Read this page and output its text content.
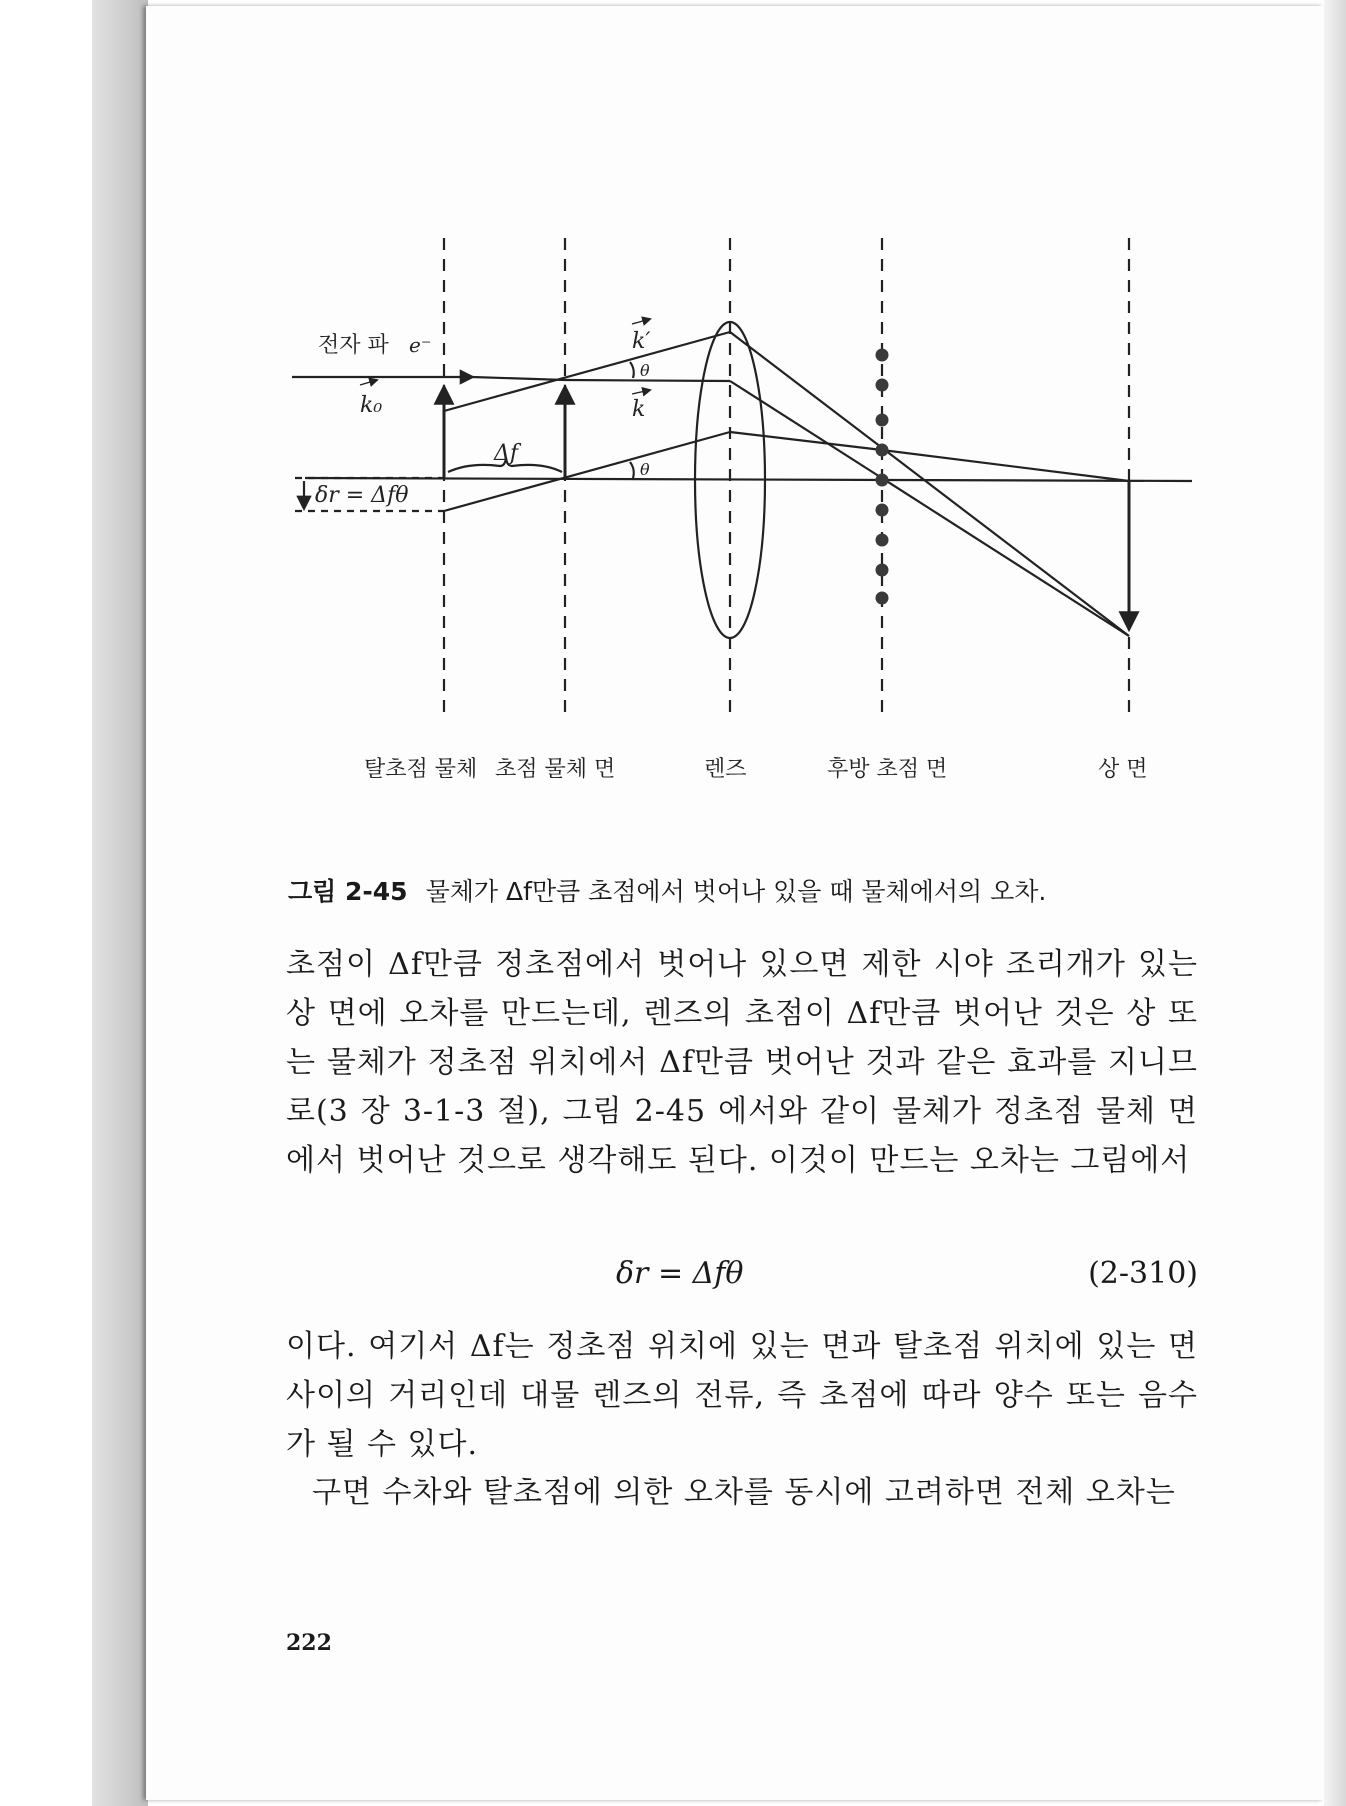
전자 파 e⁻
k₀
k′
k
θ
θ
Δf
δr = Δfθ
탈초점 물체 초점 물체 면	렌즈	후방 초점 면	상 면
그림 2-45 물체가 Δf만큼 초점에서 벗어나 있을 때 물체에서의 오차.

초점이 Δf만큼 정초점에서 벗어나 있으면 제한 시야 조리개가 있는 상 면에 오차를 만드는데, 렌즈의 초점이 Δf만큼 벗어난 것은 상 또는 물체가 정초점 위치에서 Δf만큼 벗어난 것과 같은 효과를 지니므로(3 장 3-1-3 절), 그림 2-45 에서와 같이 물체가 정초점 물체 면에서 벗어난 것으로 생각해도 된다. 이것이 만드는 오차는 그림에서

δr = Δfθ	(2-310)

이다. 여기서 Δf는 정초점 위치에 있는 면과 탈초점 위치에 있는 면 사이의 거리인데 대물 렌즈의 전류, 즉 초점에 따라 양수 또는 음수가 될 수 있다.

구면 수차와 탈초점에 의한 오차를 동시에 고려하면 전체 오차는

222
